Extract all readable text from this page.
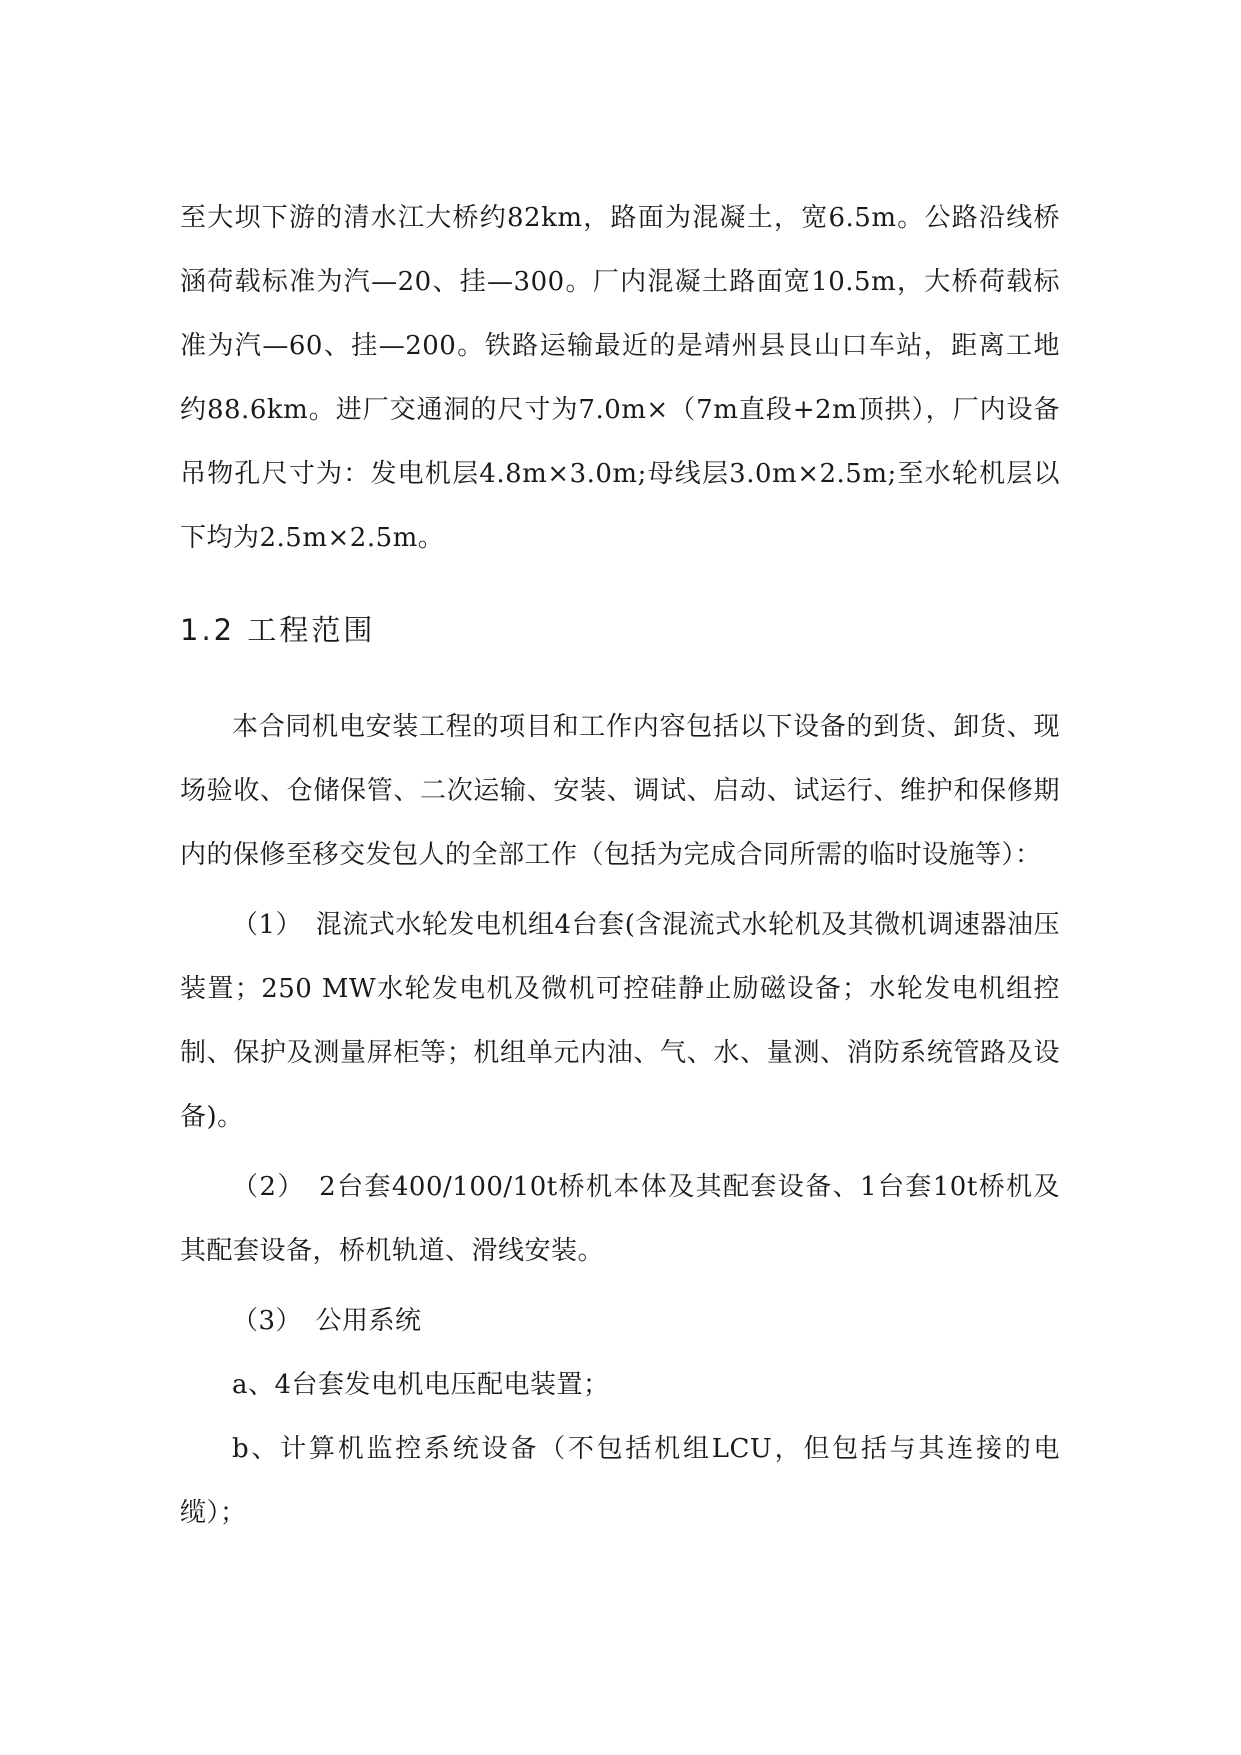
至大坝下游的清水江大桥约82km，路面为混凝土，宽6.5m。公路沿线桥涵荷载标准为汽—20、挂—300。厂内混凝土路面宽10.5m，大桥荷载标准为汽—60、挂—200。铁路运输最近的是靖州县艮山口车站，距离工地约88.6km。进厂交通洞的尺寸为7.0m×（7m直段+2m顶拱），厂内设备吊物孔尺寸为：发电机层4.8m×3.0m;母线层3.0m×2.5m;至水轮机层以下均为2.5m×2.5m。

1.2 工程范围

本合同机电安装工程的项目和工作内容包括以下设备的到货、卸货、现场验收、仓储保管、二次运输、安装、调试、启动、试运行、维护和保修期内的保修至移交发包人的全部工作（包括为完成合同所需的临时设施等）：

（1）　混流式水轮发电机组4台套(含混流式水轮机及其微机调速器油压装置；250 MW水轮发电机及微机可控硅静止励磁设备；水轮发电机组控制、保护及测量屏柜等；机组单元内油、气、水、量测、消防系统管路及设备)。

（2）　2台套400/100/10t桥机本体及其配套设备、1台套10t桥机及其配套设备，桥机轨道、滑线安装。

（3）　公用系统

a、4台套发电机电压配电装置；

b、计算机监控系统设备（不包括机组LCU，但包括与其连接的电缆）；
